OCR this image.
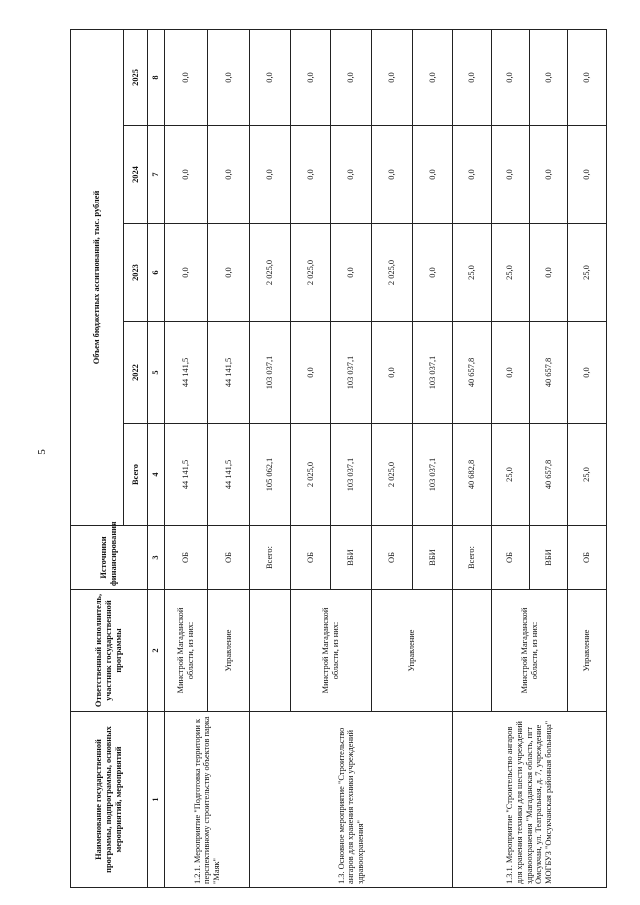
5
Наименование государственной программы, подпрограммы, основных мероприятий, мероприятий	Ответственный исполнитель, участник государственной программы	Источники финансирования	Объем бюджетных ассигнований, тыс. рублей				
			Всего	2022	2023	2024	2025
1	2	3	4	5	6	7	8
1.2.1. Мероприятие "Подготовка территории к перспективному строительству объектов парка "Маяк"	Минстрой Магаданской области, из них:	ОБ	44 141,5	44 141,5	0,0	0,0	0,0
	Управление	ОБ	44 141,5	44 141,5	0,0	0,0	0,0
1.3. Основное мероприятие "Строительство ангаров для хранения техники учреждений здравоохранения"		Всего:	105 062,1	103 037,1	2 025,0	0,0	0,0
	Минстрой Магаданской области, из них:	ОБ	2 025,0	0,0	2 025,0	0,0	0,0
		ВБИ	103 037,1	103 037,1	0,0	0,0	0,0
	Управление	ОБ	2 025,0	0,0	2 025,0	0,0	0,0
		ВБИ	103 037,1	103 037,1	0,0	0,0	0,0
1.3.1. Мероприятие "Строительство ангаров для хранения техники для шести учреждений здравоохранения "Магаданская область, пгт Омсукчан, ул. Театральная, д. 7, учреждение МОГБУЗ "Омсукчанская районная больница"		Всего:	40 682,8	40 657,8	25,0	0,0	0,0
	Минстрой Магаданской области, из них:	ОБ	25,0	0,0	25,0	0,0	0,0
		ВБИ	40 657,8	40 657,8	0,0	0,0	0,0
	Управление	ОБ	25,0	0,0	25,0	0,0	0,0
